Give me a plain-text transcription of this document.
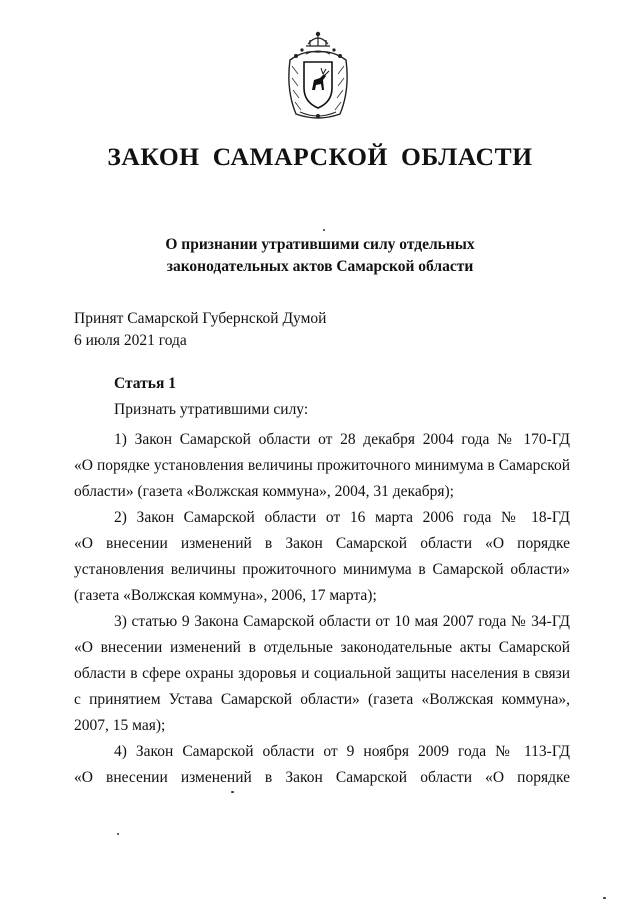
ЗАКОН САМАРСКОЙ ОБЛАСТИ
О признании утратившими силу отдельных
законодательных актов Самарской области
Принят Самарской Губернской Думой
6 июля 2021 года
Статья 1
Признать утратившими силу:
1) Закон Самарской области от 28 декабря 2004 года № 170-ГД
«О порядке установления величины прожиточного минимума в Самарской
области» (газета «Волжская коммуна», 2004, 31 декабря);
2) Закон Самарской области от 16 марта 2006 года № 18-ГД
«О внесении изменений в Закон Самарской области «О порядке
установления величины прожиточного минимума в Самарской области»
(газета «Волжская коммуна», 2006, 17 марта);
3) статью 9 Закона Самарской области от 10 мая 2007 года № 34-ГД
«О внесении изменений в отдельные законодательные акты Самарской
области в сфере охраны здоровья и социальной защиты населения в связи
с принятием Устава Самарской области» (газета «Волжская коммуна»,
2007, 15 мая);
4) Закон Самарской области от 9 ноября 2009 года № 113-ГД
«О внесении изменений в Закон Самарской области «О порядке
